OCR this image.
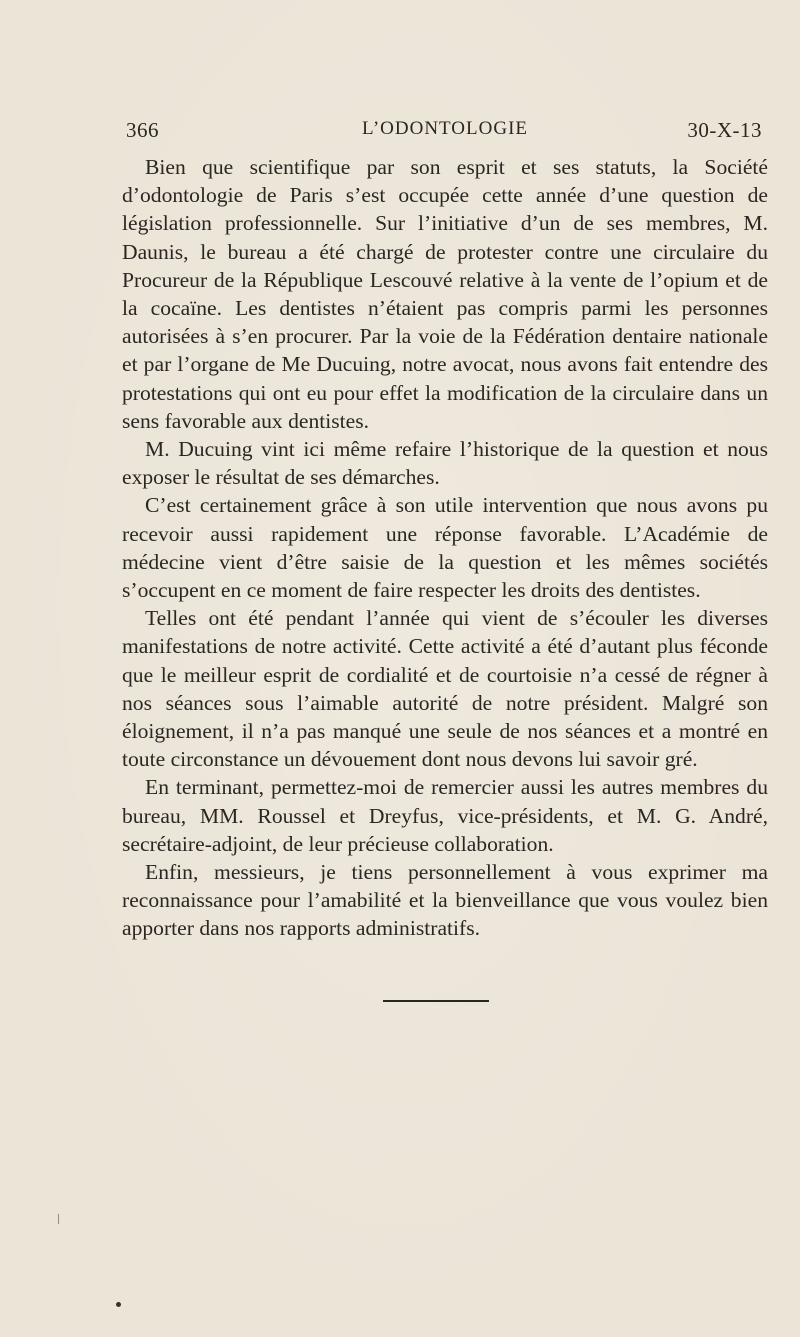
366	L’ODONTOLOGIE	30-X-13

Bien que scientifique par son esprit et ses statuts, la Société d’odontologie de Paris s’est occupée cette année d’une question de législation professionnelle. Sur l’initiative d’un de ses membres, M. Daunis, le bureau a été chargé de protester contre une circulaire du Procureur de la République Lescouvé relative à la vente de l’opium et de la cocaïne. Les dentistes n’étaient pas compris parmi les personnes autorisées à s’en procurer. Par la voie de la Fédération dentaire nationale et par l’organe de Me Ducuing, notre avocat, nous avons fait entendre des protestations qui ont eu pour effet la modification de la circulaire dans un sens favorable aux dentistes.

M. Ducuing vint ici même refaire l’historique de la question et nous exposer le résultat de ses démarches.

C’est certainement grâce à son utile intervention que nous avons pu recevoir aussi rapidement une réponse favorable. L’Académie de médecine vient d’être saisie de la question et les mêmes sociétés s’occupent en ce moment de faire respecter les droits des dentistes.

Telles ont été pendant l’année qui vient de s’écouler les diverses manifestations de notre activité. Cette activité a été d’autant plus féconde que le meilleur esprit de cordialité et de courtoisie n’a cessé de régner à nos séances sous l’aimable autorité de notre président. Malgré son éloignement, il n’a pas manqué une seule de nos séances et a montré en toute circonstance un dévouement dont nous devons lui savoir gré.

En terminant, permettez-moi de remercier aussi les autres membres du bureau, MM. Roussel et Dreyfus, vice-présidents, et M. G. André, secrétaire-adjoint, de leur précieuse collaboration.

Enfin, messieurs, je tiens personnellement à vous exprimer ma reconnaissance pour l’amabilité et la bienveillance que vous voulez bien apporter dans nos rapports administratifs.
